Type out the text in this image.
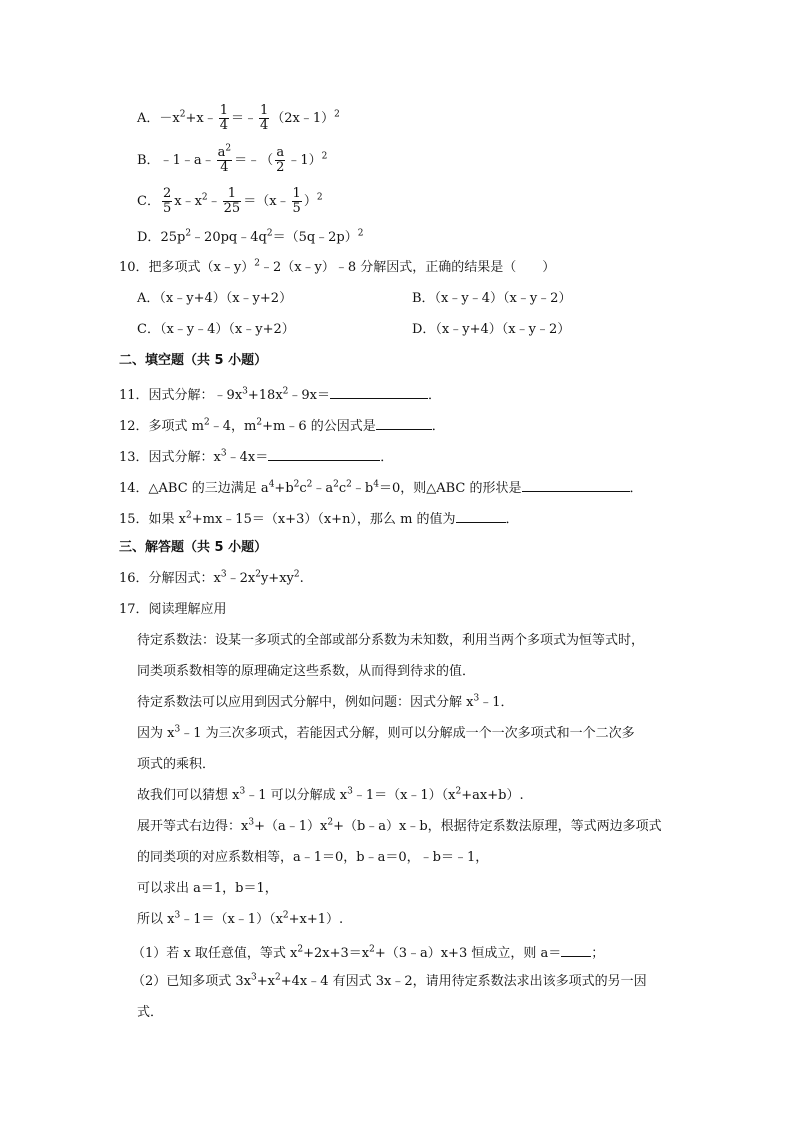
A．$-x^2+x﹣ \frac{1}{4}$ ＝﹣ $\frac{1}{4}$ （2x﹣1）$^2$
B．﹣1﹣a﹣ $\frac{a^2}{4}$ ＝﹣（ $\frac{a}{2}$ ﹣1）$^2$
C． $\frac{2}{5}$ $x﹣x^2﹣ \frac{1}{25}$ ＝（x﹣ $\frac{1}{5} )^2$
D．$25p^2﹣20pq﹣4q^2=(5q﹣2p)^2$
10．把多项式（x﹣y）$^2$﹣2（x﹣y）﹣8 分解因式，正确的结果是（　　）
A．（x﹣y+4）（x﹣y+2）	B．（x﹣y﹣4）（x﹣y﹣2）
C．（x﹣y﹣4）（x﹣y+2）	D．（x﹣y+4）（x﹣y﹣2）
二、填空题（共 5 小题）
11．因式分解：$﹣9x^3+18x^2﹣9x=$	．
12．多项式 $m^2﹣4$，$m^2+m﹣6$ 的公因式是	．
13．因式分解：$x^3﹣4x=$	．
14．△ABC 的三边满足 $a^4+b^2c^2﹣a^2c^2﹣b^4=0$，则△ABC 的形状是	．
15．如果 $x^2+mx﹣15=(x+3)(x+n)$，那么 m 的值为	．
三、解答题（共 5 小题）
16．分解因式：$x^3﹣2x^2y+xy^2$.
17．阅读理解应用
待定系数法：设某一多项式的全部或部分系数为未知数，利用当两个多项式为恒等式时，
同类项系数相等的原理确定这些系数，从而得到待求的值．
待定系数法可以应用到因式分解中，例如问题：因式分解 $x^3﹣1$．
因为 $x^3﹣1$ 为三次多项式，若能因式分解，则可以分解成一个一次多项式和一个二次多
项式的乘积．
故我们可以猜想 $x^3﹣1$ 可以分解成 $x^3﹣1=(x﹣1)(x^2+ax+b)$.
展开等式右边得：$x^3+(a﹣1)x^2+(b﹣a)x﹣b$，根据待定系数法原理，等式两边多项式
的同类项的对应系数相等，a﹣1＝0，b﹣a＝0，﹣b＝﹣1，
可以求出 a＝1，b＝1，
所以 $x^3﹣1=(x﹣1)(x^2+x+1)$.
（1）若 x 取任意值，等式 $x^2+2x+3=x^2+(3﹣a)x+3$ 恒成立，则 a＝ ；
（2）已知多项式 $3x^3+x^2+4x﹣4$ 有因式 3x﹣2，请用待定系数法求出该多项式的另一因
式．
